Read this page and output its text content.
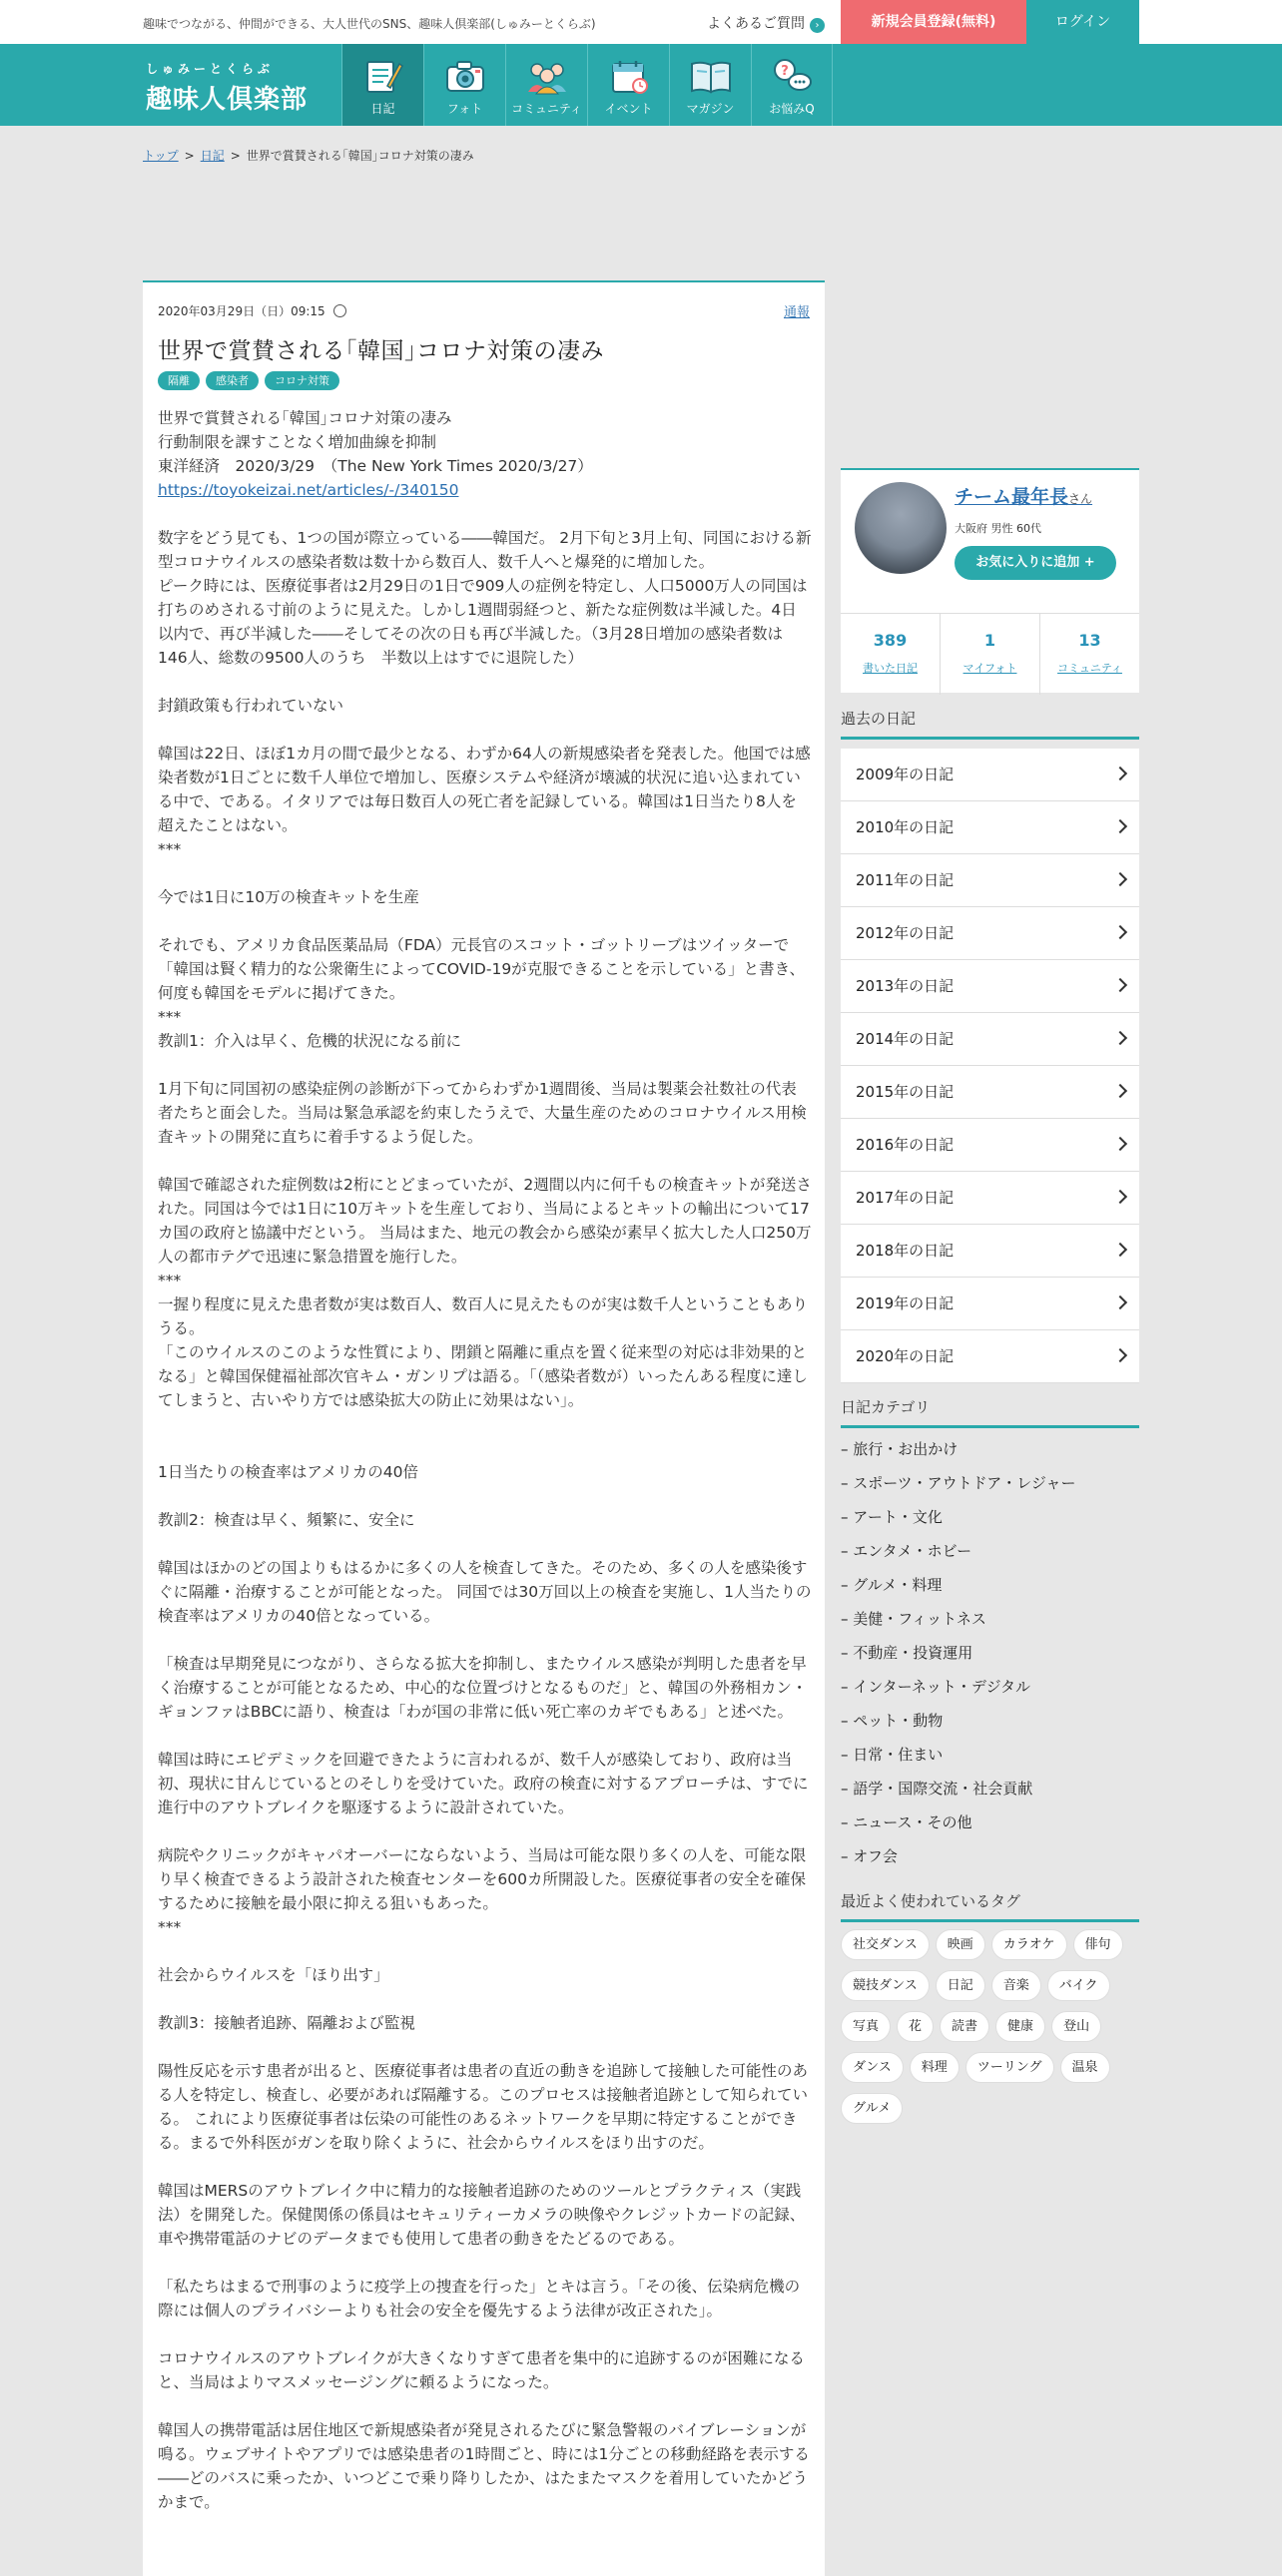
趣味でつながる、仲間ができる、大人世代のSNS、趣味人倶楽部(しゅみーとくらぶ)	よくあるご質問 ›	新規会員登録(無料)	ログイン
しゅみーとくらぶ
趣味人倶楽部	日記	フォト	コミュニティ	イベント	マガジン
?
お悩みQ
トップ > 日記 > 世界で賞賛される｢韓国｣コロナ対策の凄み
2020年03月29日（日）09:15	通報
世界で賞賛される｢韓国｣コロナ対策の凄み
隔離	感染者	コロナ対策

世界で賞賛される｢韓国｣コロナ対策の凄み

行動制限を課すことなく増加曲線を抑制

東洋経済　2020/3/29　（The New York Times 2020/3/27）

https://toyokeizai.net/articles/-/340150

数字をどう見ても、1つの国が際立っている――韓国だ。 2月下旬と3月上旬、同国における新型コロナウイルスの感染者数は数十から数百人、数千人へと爆発的に増加した。

ピーク時には、医療従事者は2月29日の1日で909人の症例を特定し、人口5000万人の同国は打ちのめされる寸前のように見えた。しかし1週間弱経つと、新たな症例数は半減した。4日以内で、再び半減した――そしてその次の日も再び半減した。（3月28日増加の感染者数は146人、総数の9500人のうち　半数以上はすでに退院した）

封鎖政策も行われていない

韓国は22日、ほぼ1カ月の間で最少となる、わずか64人の新規感染者を発表した。他国では感染者数が1日ごとに数千人単位で増加し、医療システムや経済が壊滅的状況に追い込まれている中で、である。イタリアでは毎日数百人の死亡者を記録している。韓国は1日当たり8人を超えたことはない。

***

今では1日に10万の検査キットを生産

それでも、アメリカ食品医薬品局（FDA）元長官のスコット・ゴットリーブはツイッターで「韓国は賢く精力的な公衆衛生によってCOVID-19が克服できることを示している」と書き、何度も韓国をモデルに掲げてきた。

***

教訓1：介入は早く、危機的状況になる前に

1月下旬に同国初の感染症例の診断が下ってからわずか1週間後、当局は製薬会社数社の代表者たちと面会した。当局は緊急承認を約束したうえで、大量生産のためのコロナウイルス用検査キットの開発に直ちに着手するよう促した。

韓国で確認された症例数は2桁にとどまっていたが、2週間以内に何千もの検査キットが発送された。同国は今では1日に10万キットを生産しており、当局によるとキットの輸出について17カ国の政府と協議中だという。 当局はまた、地元の教会から感染が素早く拡大した人口250万人の都市テグで迅速に緊急措置を施行した。

***

一握り程度に見えた患者数が実は数百人、数百人に見えたものが実は数千人ということもありうる。

「このウイルスのこのような性質により、閉鎖と隔離に重点を置く従来型の対応は非効果的となる」と韓国保健福祉部次官キム・ガンリプは語る。「（感染者数が）いったんある程度に達してしまうと、古いやり方では感染拡大の防止に効果はない」。

1日当たりの検査率はアメリカの40倍

教訓2：検査は早く、頻繁に、安全に

韓国はほかのどの国よりもはるかに多くの人を検査してきた。そのため、多くの人を感染後すぐに隔離・治療することが可能となった。 同国では30万回以上の検査を実施し、1人当たりの検査率はアメリカの40倍となっている。

「検査は早期発見につながり、さらなる拡大を抑制し、またウイルス感染が判明した患者を早く治療することが可能となるため、中心的な位置づけとなるものだ」と、韓国の外務相カン・ギョンファはBBCに語り、検査は「わが国の非常に低い死亡率のカギでもある」と述べた。

韓国は時にエピデミックを回避できたように言われるが、数千人が感染しており、政府は当初、現状に甘んじているとのそしりを受けていた。政府の検査に対するアプローチは、すでに進行中のアウトブレイクを駆逐するように設計されていた。

病院やクリニックがキャパオーバーにならないよう、当局は可能な限り多くの人を、可能な限り早く検査できるよう設計された検査センターを600カ所開設した。医療従事者の安全を確保するために接触を最小限に抑える狙いもあった。

***

社会からウイルスを「ほり出す」

教訓3：接触者追跡、隔離および監視

陽性反応を示す患者が出ると、医療従事者は患者の直近の動きを追跡して接触した可能性のある人を特定し、検査し、必要があれば隔離する。このプロセスは接触者追跡として知られている。 これにより医療従事者は伝染の可能性のあるネットワークを早期に特定することができる。まるで外科医がガンを取り除くように、社会からウイルスをほり出すのだ。

韓国はMERSのアウトブレイク中に精力的な接触者追跡のためのツールとプラクティス（実践法）を開発した。保健関係の係員はセキュリティーカメラの映像やクレジットカードの記録、車や携帯電話のナビのデータまでも使用して患者の動きをたどるのである。

「私たちはまるで刑事のように疫学上の捜査を行った」とキは言う。「その後、伝染病危機の際には個人のプライバシーよりも社会の安全を優先するよう法律が改正された」。

コロナウイルスのアウトブレイクが大きくなりすぎて患者を集中的に追跡するのが困難になると、当局はよりマスメッセージングに頼るようになった。

韓国人の携帯電話は居住地区で新規感染者が発見されるたびに緊急警報のバイブレーションが鳴る。ウェブサイトやアプリでは感染患者の1時間ごと、時には1分ごとの移動経路を表示する――どのバスに乗ったか、いつどこで乗り降りしたか、はたまたマスクを着用していたかどうかまで。

チーム最年長さん
大阪府 男性 60代
お気に入りに追加 +
389
書いた日記
1
マイフォト
13
コミュニティ
過去の日記
2009年の日記
2010年の日記
2011年の日記
2012年の日記
2013年の日記
2014年の日記
2015年の日記
2016年の日記
2017年の日記
2018年の日記
2019年の日記
2020年の日記
日記カテゴリ
– 旅行・お出かけ
– スポーツ・アウトドア・レジャー
– アート・文化
– エンタメ・ホビー
– グルメ・料理
– 美健・フィットネス
– 不動産・投資運用
– インターネット・デジタル
– ペット・動物
– 日常・住まい
– 語学・国際交流・社会貢献
– ニュース・その他
– オフ会
最近よく使われているタグ
社交ダンス	映画	カラオケ	俳句
競技ダンス	日記	音楽	バイク
写真	花	読書	健康	登山
ダンス	料理	ツーリング	温泉
グルメ
